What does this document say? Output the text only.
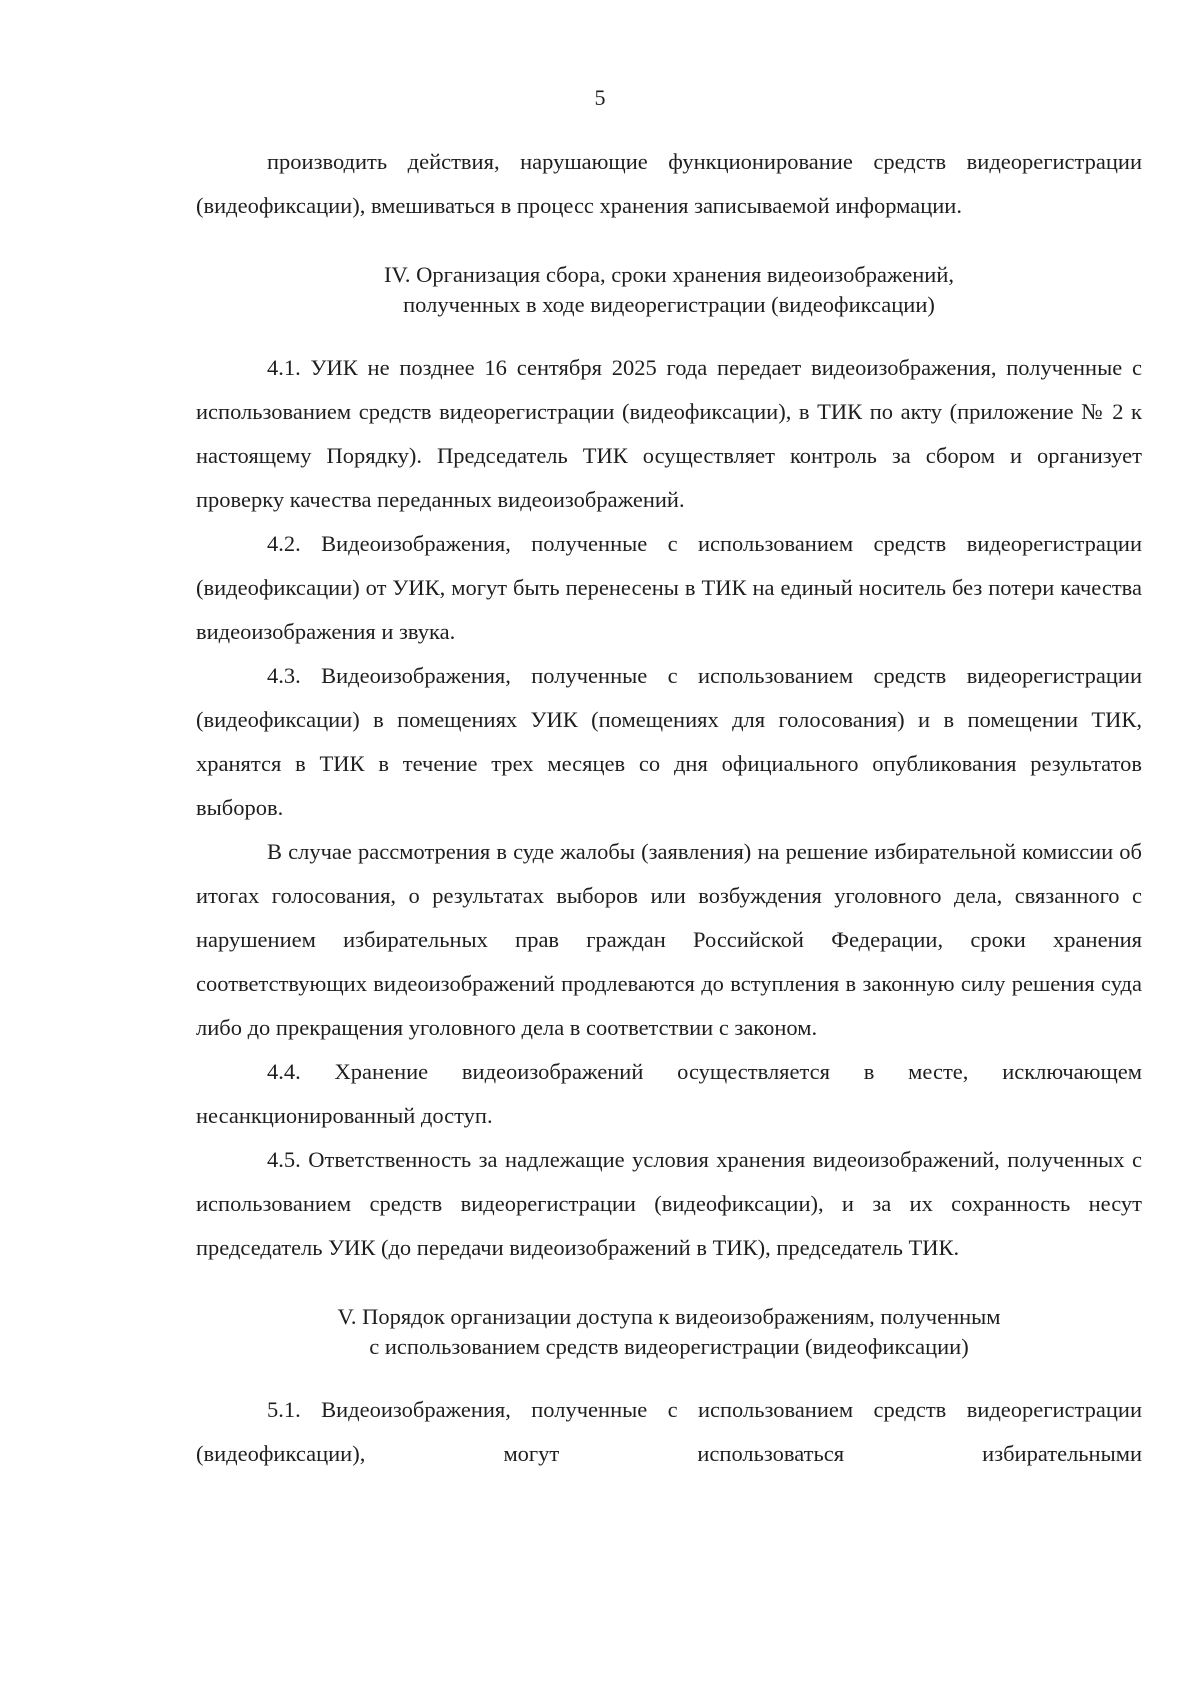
5

производить действия, нарушающие функционирование средств видеорегистрации (видеофиксации), вмешиваться в процесс хранения записываемой информации.

IV. Организация сбора, сроки хранения видеоизображений,
полученных в ходе видеорегистрации (видеофиксации)

4.1. УИК не позднее 16 сентября 2025 года передает видеоизображения, полученные с использованием средств видеорегистрации (видеофиксации), в ТИК по акту (приложение № 2 к настоящему Порядку). Председатель ТИК осуществляет контроль за сбором и организует проверку качества переданных видеоизображений.

4.2. Видеоизображения, полученные с использованием средств видеорегистрации (видеофиксации) от УИК, могут быть перенесены в ТИК на единый носитель без потери качества видеоизображения и звука.

4.3. Видеоизображения, полученные с использованием средств видеорегистрации (видеофиксации) в помещениях УИК (помещениях для голосования) и в помещении ТИК, хранятся в ТИК в течение трех месяцев со дня официального опубликования результатов выборов.

В случае рассмотрения в суде жалобы (заявления) на решение избирательной комиссии об итогах голосования, о результатах выборов или возбуждения уголовного дела, связанного с нарушением избирательных прав граждан Российской Федерации, сроки хранения соответствующих видеоизображений продлеваются до вступления в законную силу решения суда либо до прекращения уголовного дела в соответствии с законом.

4.4. Хранение видеоизображений осуществляется в месте, исключающем несанкционированный доступ.

4.5. Ответственность за надлежащие условия хранения видеоизображений, полученных с использованием средств видеорегистрации (видеофиксации), и за их сохранность несут председатель УИК (до передачи видеоизображений в ТИК), председатель ТИК.

V. Порядок организации доступа к видеоизображениям, полученным
с использованием средств видеорегистрации (видеофиксации)

5.1. Видеоизображения, полученные с использованием средств видеорегистрации (видеофиксации), могут использоваться избирательными
